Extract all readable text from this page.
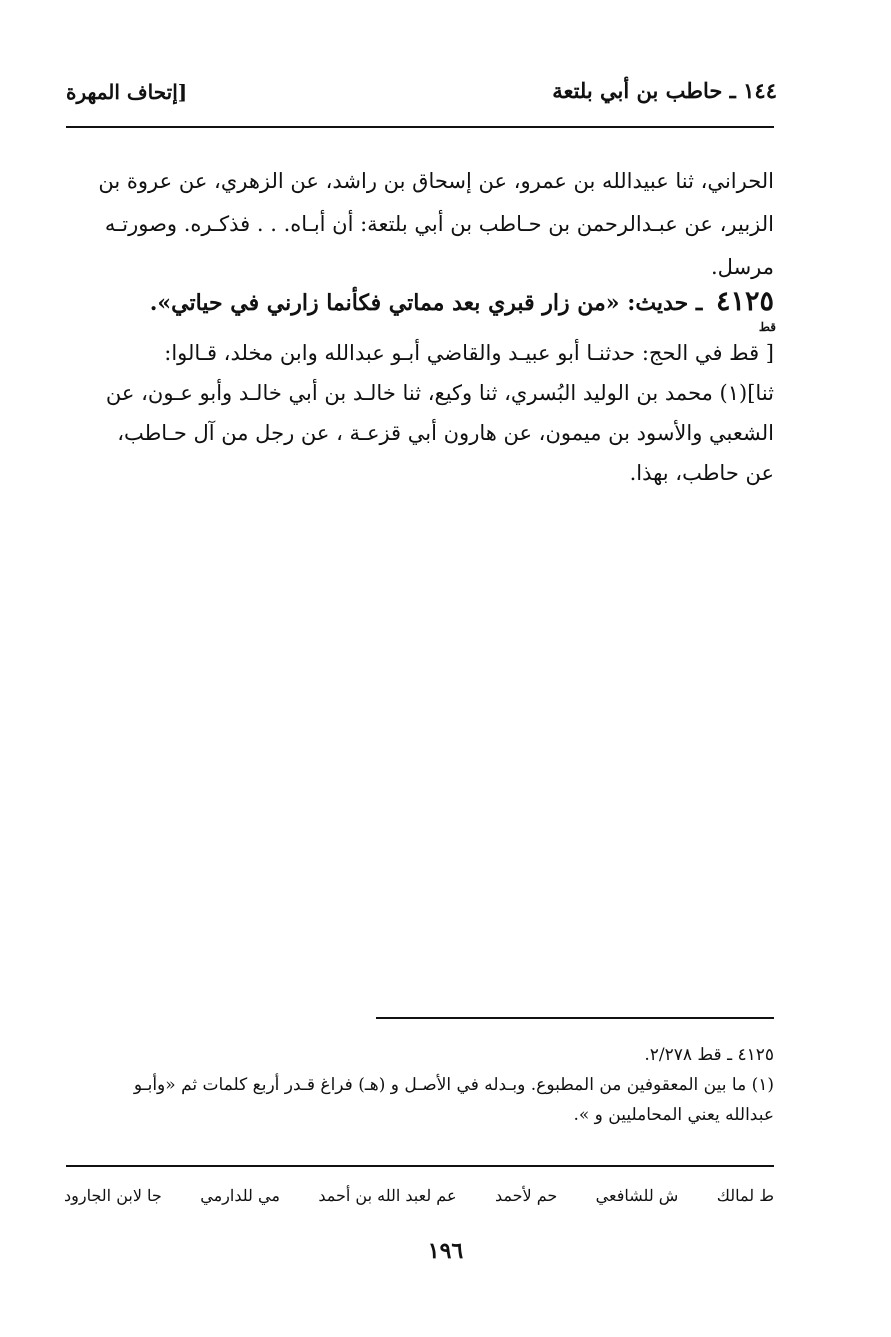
١٤٤ ـ حاطب بن أبي بلتعة
[إتحاف المهرة

الحراني، ثنا عبيدالله بن عمرو، عن إسحاق بن راشد، عن الزهري، عن عروة بن

الزبير، عن عبـدالرحمن بن حـاطب بن أبي بلتعة: أن أبـاه. . . فذكـره. وصورتـه

مرسل.

٤١٢٥ ـ حديث: «من زار قبري بعد مماتي فكأنما زارني في حياتي».
قط

[ قط في الحج: حدثنـا أبو عبيـد والقاضي أبـو عبدالله وابن مخلد، قـالوا:

ثنا](١) محمد بن الوليد البُسري، ثنا وكيع، ثنا خالـد بن أبي خالـد وأبو عـون، عن

الشعبي والأسود بن ميمون، عن هارون أبي قزعـة ، عن رجل من آل حـاطب،

عن حاطب، بهذا.

٤١٢٥ ـ قط ٢/٢٧٨.

(١) ما بين المعقوفين من المطبوع. وبـدله في الأصـل و (هـ) فراغ قـدر أربع كلمات ثم «وأبـو

عبدالله يعني المحامليين و ».

ط لمالك
ش للشافعي
حم لأحمد
عم لعبد الله بن أحمد
مي للدارمي
جا لابن الجارود
١٩٦
